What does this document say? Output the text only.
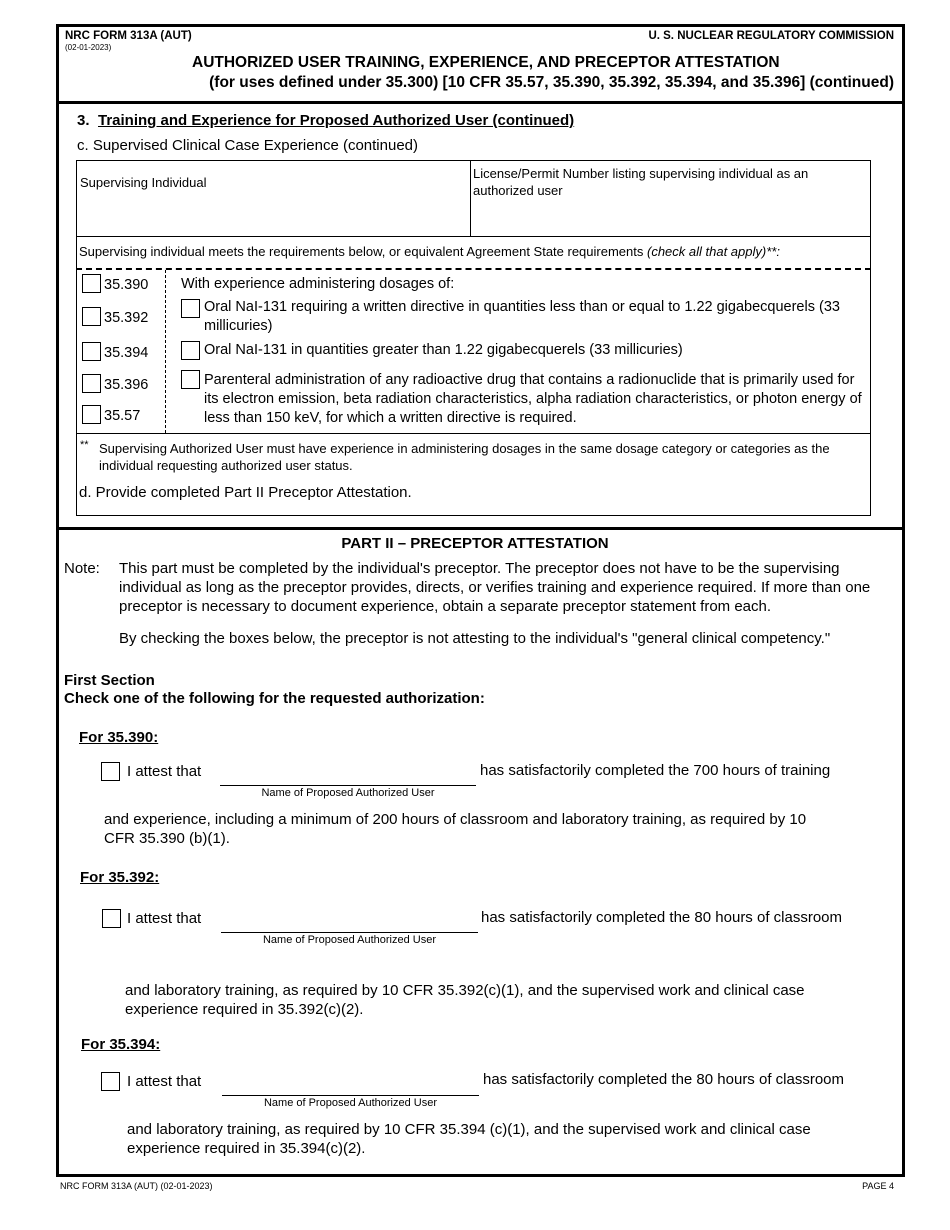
NRC FORM 313A (AUT)
(02-01-2023)
U. S. NUCLEAR REGULATORY COMMISSION
AUTHORIZED USER TRAINING, EXPERIENCE, AND PRECEPTOR ATTESTATION
(for uses defined under 35.300) [10 CFR 35.57, 35.390, 35.392, 35.394, and 35.396] (continued)
3. Training and Experience for Proposed Authorized User (continued)
c. Supervised Clinical Case Experience (continued)
Supervising Individual
License/Permit Number listing supervising individual as an authorized user
Supervising individual meets the requirements below, or equivalent Agreement State requirements (check all that apply)**:
35.390
35.392
35.394
35.396
35.57
With experience administering dosages of:
Oral NaI-131 requiring a written directive in quantities less than or equal to 1.22 gigabecquerels (33 millicuries)
Oral NaI-131 in quantities greater than 1.22 gigabecquerels (33 millicuries)
Parenteral administration of any radioactive drug that contains a radionuclide that is primarily used for its electron emission, beta radiation characteristics, alpha radiation characteristics, or photon energy of less than 150 keV, for which a written directive is required.
** Supervising Authorized User must have experience in administering dosages in the same dosage category or categories as the individual requesting authorized user status.
d. Provide completed Part II Preceptor Attestation.
PART II – PRECEPTOR ATTESTATION
Note: This part must be completed by the individual's preceptor. The preceptor does not have to be the supervising individual as long as the preceptor provides, directs, or verifies training and experience required. If more than one preceptor is necessary to document experience, obtain a separate preceptor statement from each.
By checking the boxes below, the preceptor is not attesting to the individual's "general clinical competency."
First Section
Check one of the following for the requested authorization:
For 35.390:
I attest that
Name of Proposed Authorized User
has satisfactorily completed the 700 hours of training
and experience, including a minimum of 200 hours of classroom and laboratory training, as required by 10 CFR 35.390 (b)(1).
For 35.392:
I attest that
Name of Proposed Authorized User
has satisfactorily completed the 80 hours of classroom
and laboratory training, as required by 10 CFR 35.392(c)(1), and the supervised work and clinical case experience required in 35.392(c)(2).
For 35.394:
I attest that
Name of Proposed Authorized User
has satisfactorily completed the 80 hours of classroom
and laboratory training, as required by 10 CFR 35.394 (c)(1), and the supervised work and clinical case experience required in 35.394(c)(2).
NRC FORM 313A (AUT) (02-01-2023)	PAGE 4
